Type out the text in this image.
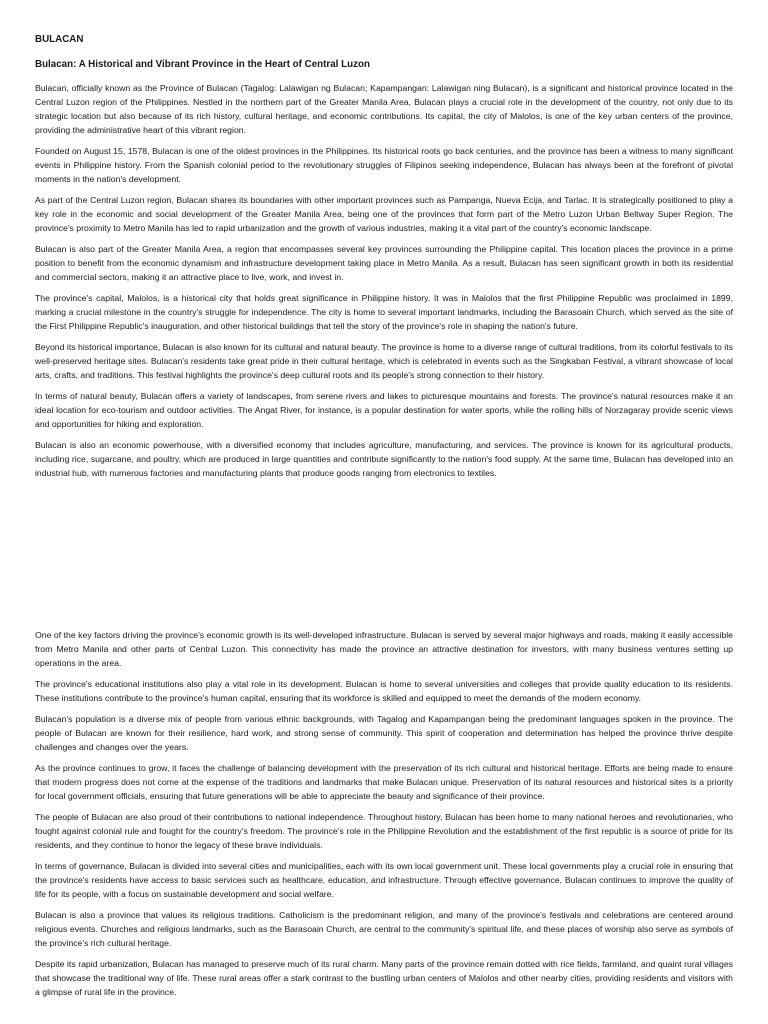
BULACAN
Bulacan: A Historical and Vibrant Province in the Heart of Central Luzon

Bulacan, officially known as the Province of Bulacan (Tagalog: Lalawigan ng Bulacan; Kapampangan: Lalawigan ning Bulacan), is a significant and historical province located in the Central Luzon region of the Philippines. Nestled in the northern part of the Greater Manila Area, Bulacan plays a crucial role in the development of the country, not only due to its strategic location but also because of its rich history, cultural heritage, and economic contributions. Its capital, the city of Malolos, is one of the key urban centers of the province, providing the administrative heart of this vibrant region.

Founded on August 15, 1578, Bulacan is one of the oldest provinces in the Philippines. Its historical roots go back centuries, and the province has been a witness to many significant events in Philippine history. From the Spanish colonial period to the revolutionary struggles of Filipinos seeking independence, Bulacan has always been at the forefront of pivotal moments in the nation's development.

As part of the Central Luzon region, Bulacan shares its boundaries with other important provinces such as Pampanga, Nueva Ecija, and Tarlac. It is strategically positioned to play a key role in the economic and social development of the Greater Manila Area, being one of the provinces that form part of the Metro Luzon Urban Beltway Super Region. The province's proximity to Metro Manila has led to rapid urbanization and the growth of various industries, making it a vital part of the country's economic landscape.

Bulacan is also part of the Greater Manila Area, a region that encompasses several key provinces surrounding the Philippine capital. This location places the province in a prime position to benefit from the economic dynamism and infrastructure development taking place in Metro Manila. As a result, Bulacan has seen significant growth in both its residential and commercial sectors, making it an attractive place to live, work, and invest in.

The province's capital, Malolos, is a historical city that holds great significance in Philippine history. It was in Malolos that the first Philippine Republic was proclaimed in 1899, marking a crucial milestone in the country's struggle for independence. The city is home to several important landmarks, including the Barasoain Church, which served as the site of the First Philippine Republic's inauguration, and other historical buildings that tell the story of the province's role in shaping the nation's future.

Beyond its historical importance, Bulacan is also known for its cultural and natural beauty. The province is home to a diverse range of cultural traditions, from its colorful festivals to its well-preserved heritage sites. Bulacan's residents take great pride in their cultural heritage, which is celebrated in events such as the Singkaban Festival, a vibrant showcase of local arts, crafts, and traditions. This festival highlights the province's deep cultural roots and its people's strong connection to their history.

In terms of natural beauty, Bulacan offers a variety of landscapes, from serene rivers and lakes to picturesque mountains and forests. The province's natural resources make it an ideal location for eco-tourism and outdoor activities. The Angat River, for instance, is a popular destination for water sports, while the rolling hills of Norzagaray provide scenic views and opportunities for hiking and exploration.

Bulacan is also an economic powerhouse, with a diversified economy that includes agriculture, manufacturing, and services. The province is known for its agricultural products, including rice, sugarcane, and poultry, which are produced in large quantities and contribute significantly to the nation's food supply. At the same time, Bulacan has developed into an industrial hub, with numerous factories and manufacturing plants that produce goods ranging from electronics to textiles.

One of the key factors driving the province's economic growth is its well-developed infrastructure. Bulacan is served by several major highways and roads, making it easily accessible from Metro Manila and other parts of Central Luzon. This connectivity has made the province an attractive destination for investors, with many business ventures setting up operations in the area.

The province's educational institutions also play a vital role in its development. Bulacan is home to several universities and colleges that provide quality education to its residents. These institutions contribute to the province's human capital, ensuring that its workforce is skilled and equipped to meet the demands of the modern economy.

Bulacan's population is a diverse mix of people from various ethnic backgrounds, with Tagalog and Kapampangan being the predominant languages spoken in the province. The people of Bulacan are known for their resilience, hard work, and strong sense of community. This spirit of cooperation and determination has helped the province thrive despite challenges and changes over the years.

As the province continues to grow, it faces the challenge of balancing development with the preservation of its rich cultural and historical heritage. Efforts are being made to ensure that modern progress does not come at the expense of the traditions and landmarks that make Bulacan unique. Preservation of its natural resources and historical sites is a priority for local government officials, ensuring that future generations will be able to appreciate the beauty and significance of their province.

The people of Bulacan are also proud of their contributions to national independence. Throughout history, Bulacan has been home to many national heroes and revolutionaries, who fought against colonial rule and fought for the country's freedom. The province's role in the Philippine Revolution and the establishment of the first republic is a source of pride for its residents, and they continue to honor the legacy of these brave individuals.

In terms of governance, Bulacan is divided into several cities and municipalities, each with its own local government unit. These local governments play a crucial role in ensuring that the province's residents have access to basic services such as healthcare, education, and infrastructure. Through effective governance, Bulacan continues to improve the quality of life for its people, with a focus on sustainable development and social welfare.

Bulacan is also a province that values its religious traditions. Catholicism is the predominant religion, and many of the province's festivals and celebrations are centered around religious events. Churches and religious landmarks, such as the Barasoain Church, are central to the community's spiritual life, and these places of worship also serve as symbols of the province's rich cultural heritage.

Despite its rapid urbanization, Bulacan has managed to preserve much of its rural charm. Many parts of the province remain dotted with rice fields, farmland, and quaint rural villages that showcase the traditional way of life. These rural areas offer a stark contrast to the bustling urban centers of Malolos and other nearby cities, providing residents and visitors with a glimpse of rural life in the province.
